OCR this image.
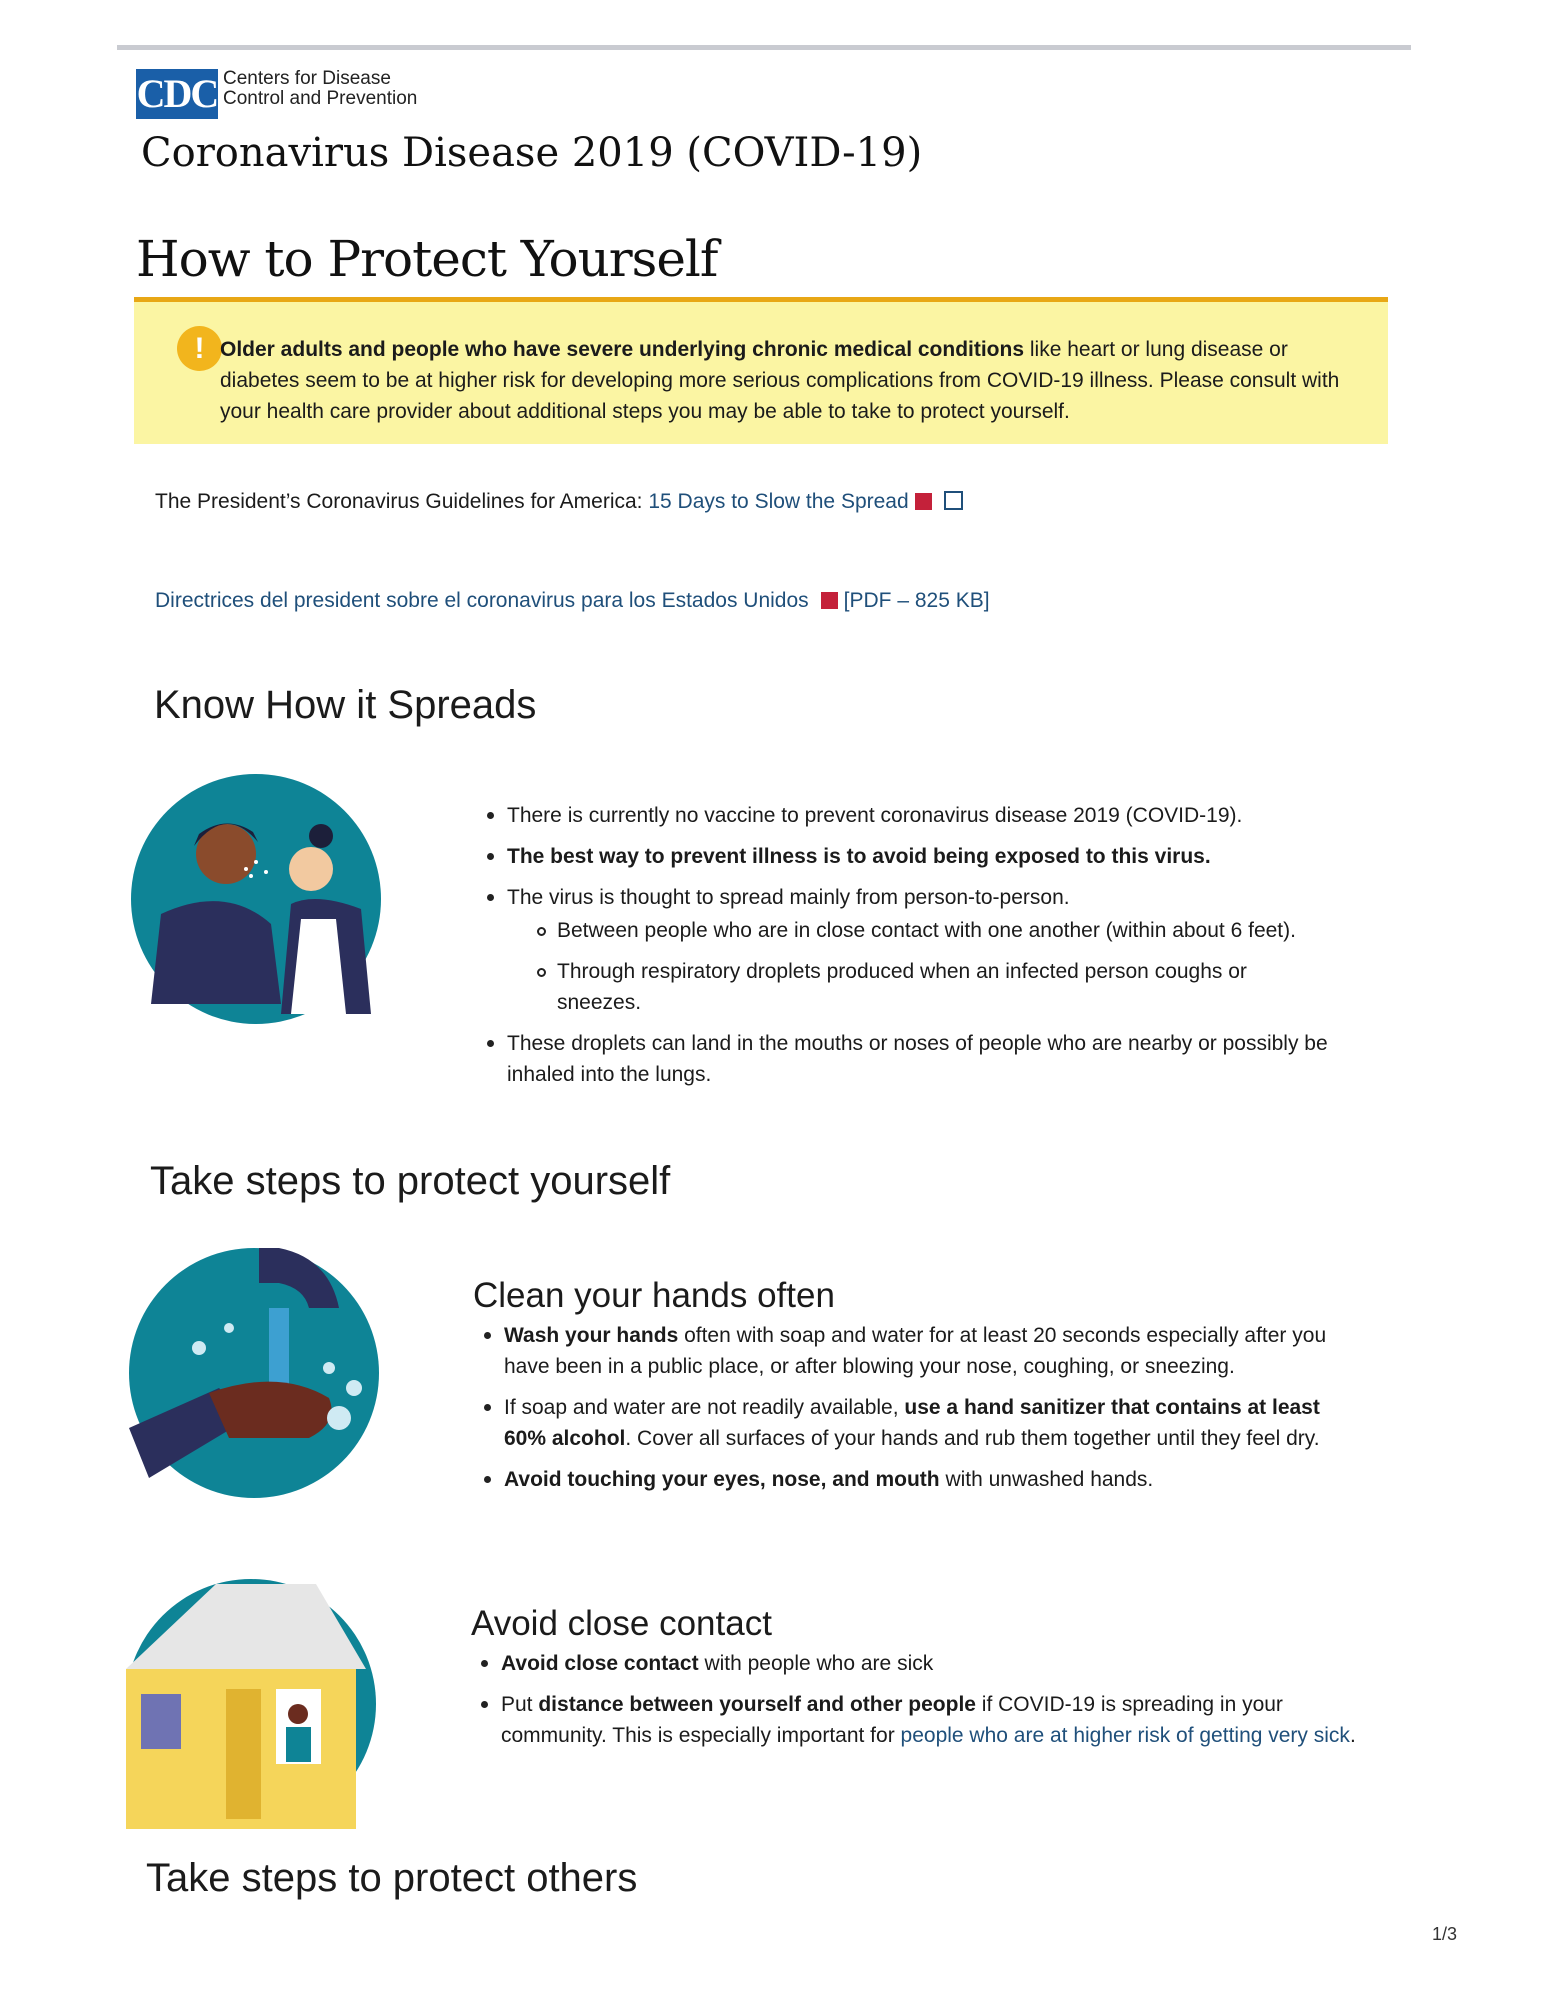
CDC Centers for Disease
Control and Prevention
Coronavirus Disease 2019 (COVID-19)
How to Protect Yourself
! Older adults and people who have severe underlying chronic medical conditions like heart or lung disease or diabetes seem to be at higher risk for developing more serious complications from COVID-19 illness. Please consult with your health care provider about additional steps you may be able to take to protect yourself.
The President’s Coronavirus Guidelines for America: 15 Days to Slow the Spread
Directrices del president sobre el coronavirus para los Estados Unidos [PDF – 825 KB]
Know How it Spreads
There is currently no vaccine to prevent coronavirus disease 2019 (COVID-19).
The best way to prevent illness is to avoid being exposed to this virus.
The virus is thought to spread mainly from person-to-person.
Between people who are in close contact with one another (within about 6 feet).
Through respiratory droplets produced when an infected person coughs or sneezes.
These droplets can land in the mouths or noses of people who are nearby or possibly be inhaled into the lungs.
Take steps to protect yourself
Clean your hands often
Wash your hands often with soap and water for at least 20 seconds especially after you have been in a public place, or after blowing your nose, coughing, or sneezing.
If soap and water are not readily available, use a hand sanitizer that contains at least 60% alcohol. Cover all surfaces of your hands and rub them together until they feel dry.
Avoid touching your eyes, nose, and mouth with unwashed hands.
Avoid close contact
Avoid close contact with people who are sick
Put distance between yourself and other people if COVID-19 is spreading in your community. This is especially important for people who are at higher risk of getting very sick.
Take steps to protect others
1/3
